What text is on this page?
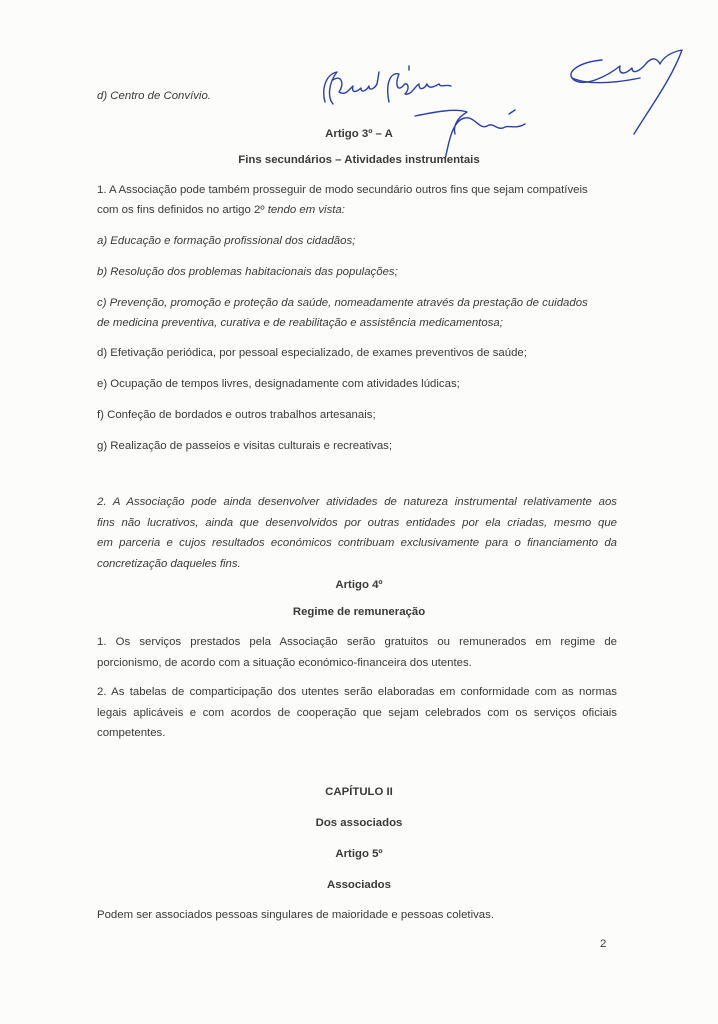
d) Centro de Convívio.
Artigo 3º – A
Fins secundários – Atividades instrumentais
1. A Associação pode também prosseguir de modo secundário outros fins que sejam compatíveis
com os fins definidos no artigo 2º tendo em vista:
a) Educação e formação profissional dos cidadãos;
b) Resolução dos problemas habitacionais das populações;
c) Prevenção, promoção e proteção da saúde, nomeadamente através da prestação de cuidados
de medicina preventiva, curativa e de reabilitação e assistência medicamentosa;
d) Efetivação periódica, por pessoal especializado, de exames preventivos de saúde;
e) Ocupação de tempos livres, designadamente com atividades lúdicas;
f) Confeção de bordados e outros trabalhos artesanais;
g) Realização de passeios e visitas culturais e recreativas;
2. A Associação pode ainda desenvolver atividades de natureza instrumental relativamente aos
fins não lucrativos, ainda que desenvolvidos por outras entidades por ela criadas, mesmo que
em parceria e cujos resultados económicos contribuam exclusivamente para o financiamento da
concretização daqueles fins.
Artigo 4º
Regime de remuneração
1. Os serviços prestados pela Associação serão gratuitos ou remunerados em regime de
porcionismo, de acordo com a situação económico-financeira dos utentes.
2. As tabelas de comparticipação dos utentes serão elaboradas em conformidade com as normas
legais aplicáveis e com acordos de cooperação que sejam celebrados com os serviços oficiais
competentes.
CAPÍTULO II
Dos associados
Artigo 5º
Associados
Podem ser associados pessoas singulares de maioridade e pessoas coletivas.
2
